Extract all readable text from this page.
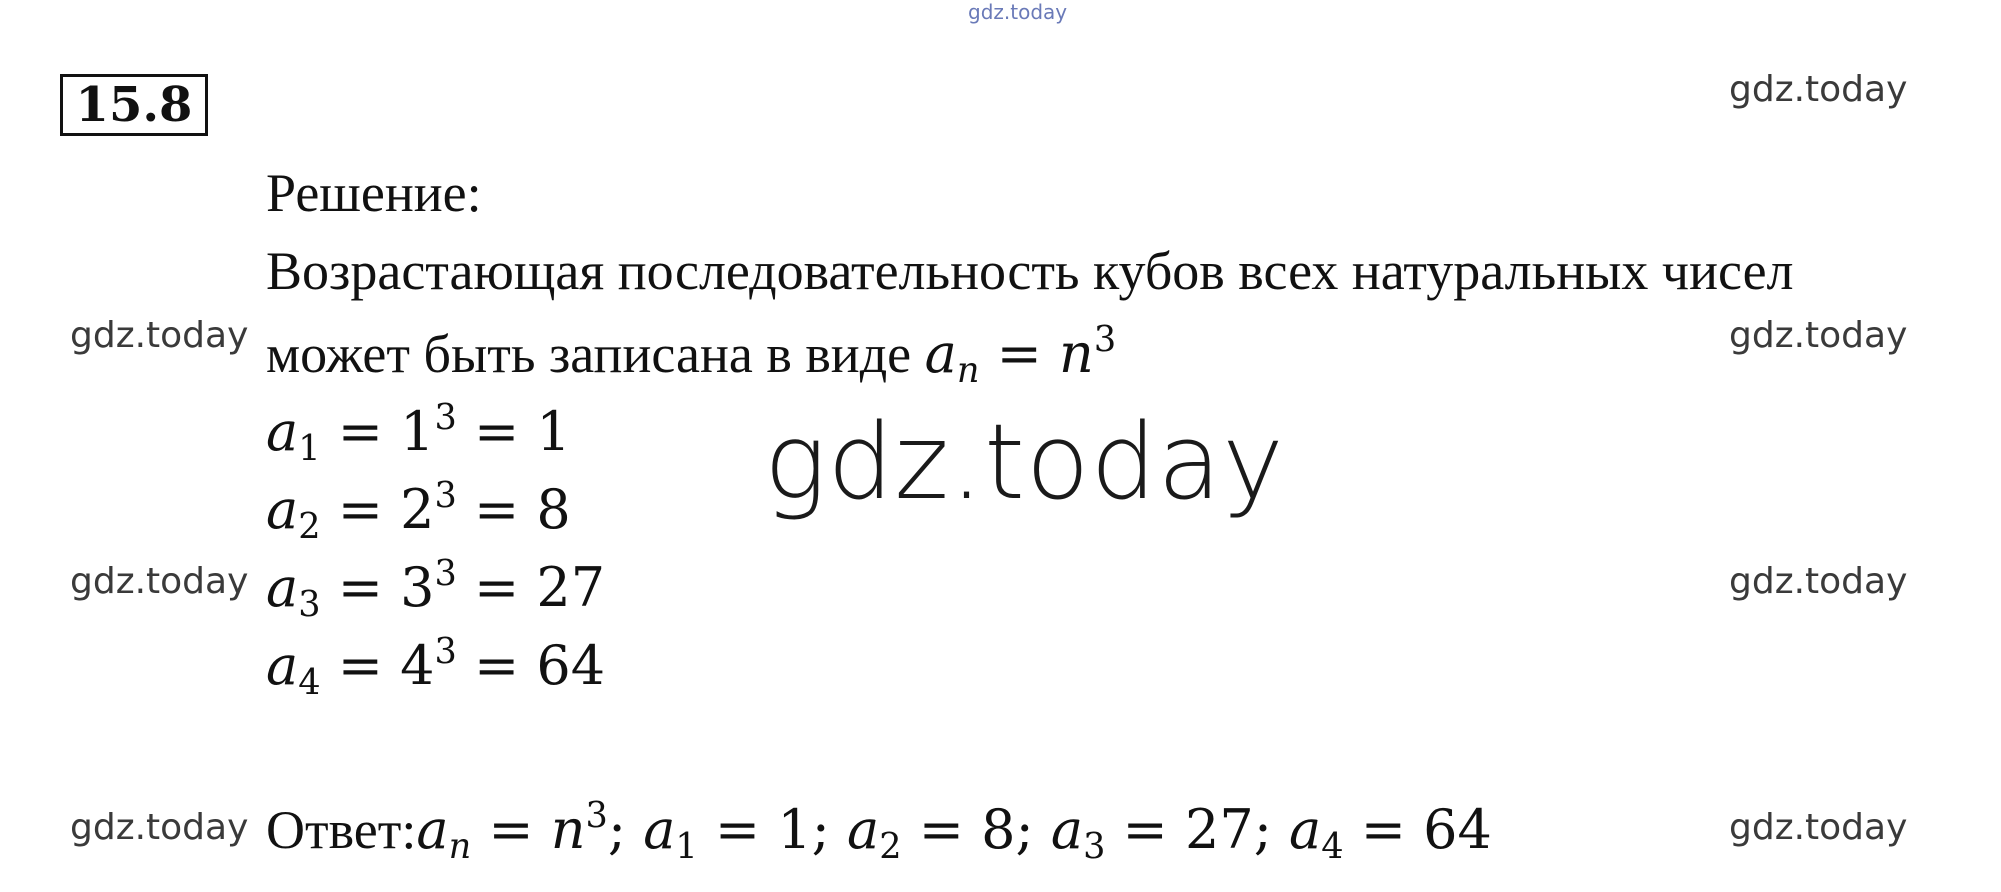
gdz.today
gdz.today
gdz.today	gdz.today
gdz.today
gdz.today	gdz.today
gdz.today	gdz.today
15.8
Решение:
Возрастающая последовательность кубов всех натуральных чисел
может быть записана в виде $a_n = n^3$
$a_1 = 1^3 = 1$
$a_2 = 2^3 = 8$
$a_3 = 3^3 = 27$
$a_4 = 4^3 = 64$
$Ответ:a_n = n^3$; $a_1 = 1$; $a_2 = 8$; $a_3 = 27$; $a_4 = 64$
